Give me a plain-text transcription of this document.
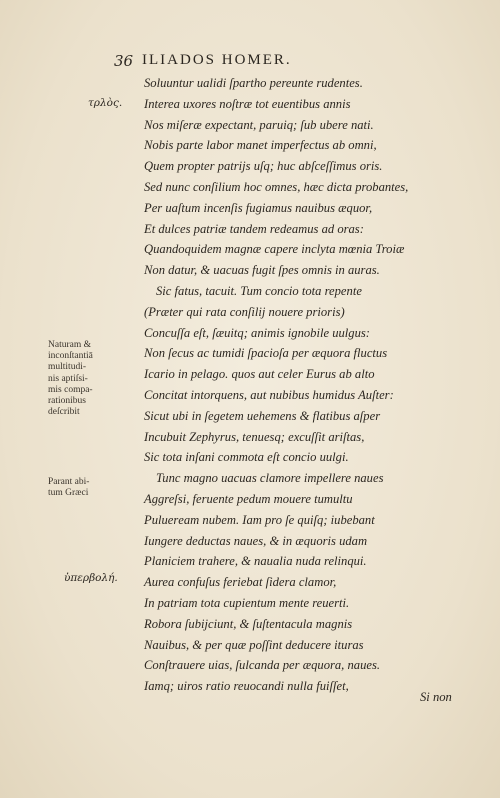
36 ILIADOS HOMER.
τρλὸς.
Naturam &
inconſtantiā
multitudi-
nis aptiſsi-
mis compa-
rationibus
deſcribit
Parant abi-
tum Græci
ὑπερβολή.
Soluuntur ualidi ſpartho pereunte rudentes.
Interea uxores noſtræ tot euentibus annis
Nos miſeræ expectant, paruiq; ſub ubere nati.
Nobis parte labor manet imperfectus ab omni,
Quem propter patrijs uſq; huc abſceſſimus oris.
Sed nunc conſilium hoc omnes, hæc dicta probantes,
Per uaſtum incenſis fugiamus nauibus æquor,
Et dulces patriæ tandem redeamus ad oras:
Quandoquidem magnæ capere inclyta mœnia Troiæ
Non datur, & uacuas fugit ſpes omnis in auras.
Sic fatus, tacuit. Tum concio tota repente
(Præter qui rata conſilij nouere prioris)
Concuſſa eſt, ſæuitq; animis ignobile uulgus:
Non ſecus ac tumidi ſpacioſa per æquora fluctus
Icario in pelago. quos aut celer Eurus ab alto
Concitat intorquens, aut nubibus humidus Auſter:
Sicut ubi in ſegetem uehemens & flatibus aſper
Incubuit Zephyrus, tenuesq; excuſſit ariſtas,
Sic tota inſani commota eſt concio uulgi.
Tunc magno uacuas clamore impellere naues
Aggreſsi, feruente pedum mouere tumultu
Puluerеam nubem. Iam pro ſe quiſq; iubebant
Iungere deductas naues, & in æquoris udam
Planiciem trahere, & naualia nuda relinqui.
Aurea confuſus feriebat ſidera clamor,
In patriam tota cupientum mente reuerti.
Robora ſubijciunt, & ſuſtentacula magnis
Nauibus, & per quæ poſſint deducere ituras
Conſtrauere uias, ſulcanda per æquora, naues.
Iamq; uiros ratio reuocandi nulla fuiſſet,
Si non
